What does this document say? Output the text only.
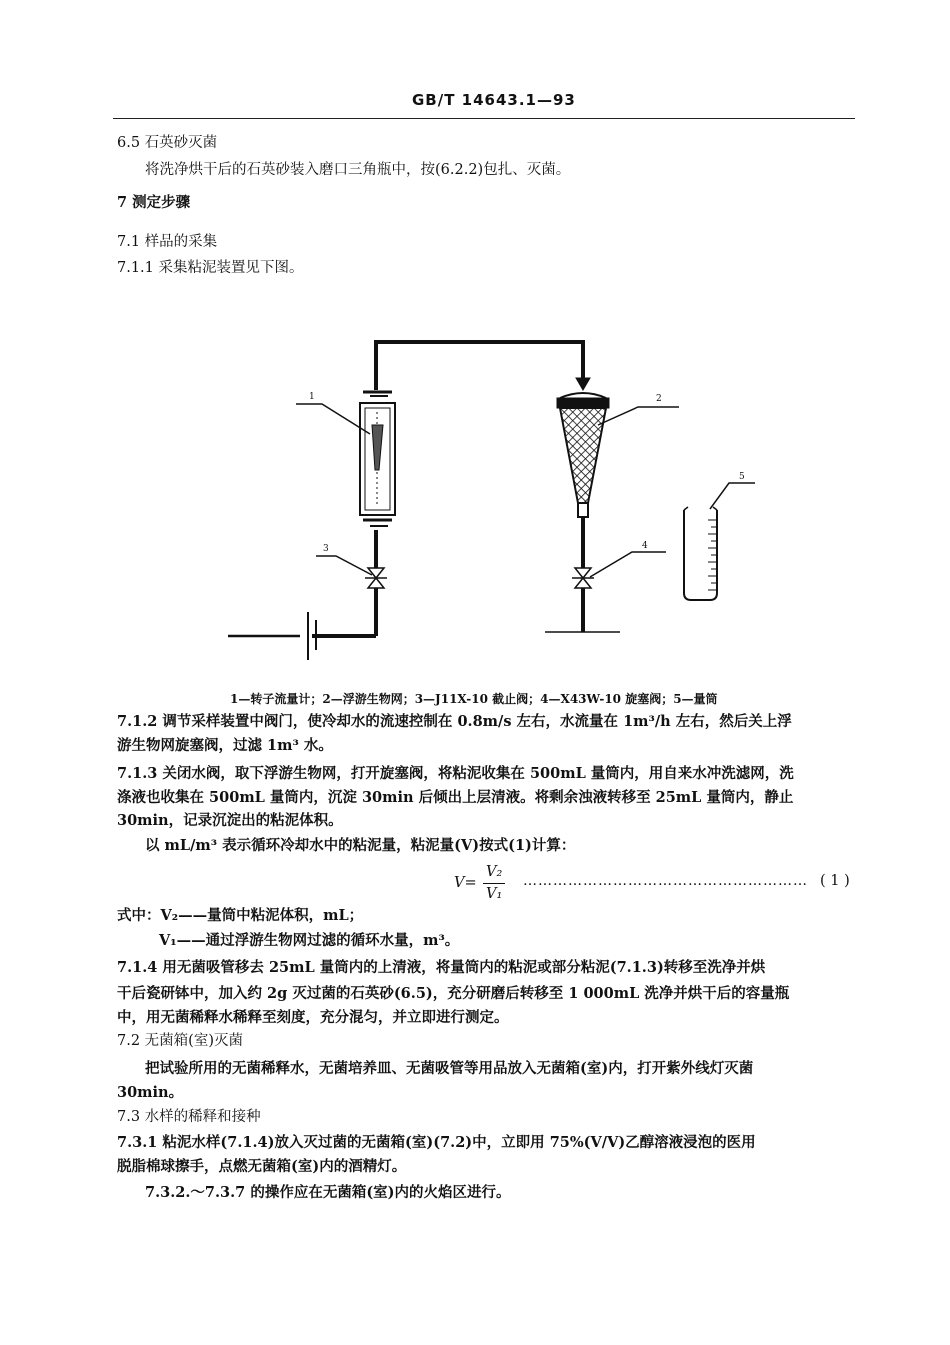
GB/T 14643.1—93
6.5 石英砂灭菌
将洗净烘干后的石英砂装入磨口三角瓶中，按(6.2.2)包扎、灭菌。
7 测定步骤
7.1 样品的采集
7.1.1 采集粘泥装置见下图。
1	2
3	4
5
1—转子流量计；2—浮游生物网；3—J11X-10 截止阀；4—X43W-10 旋塞阀；5—量筒
7.1.2 调节采样装置中阀门，使冷却水的流速控制在 0.8m/s 左右，水流量在 1m³/h 左右，然后关上浮
游生物网旋塞阀，过滤 1m³ 水。
7.1.3 关闭水阀，取下浮游生物网，打开旋塞阀，将粘泥收集在 500mL 量筒内，用自来水冲洗滤网，洗
涤液也收集在 500mL 量筒内，沉淀 30min 后倾出上层清液。将剩余浊液转移至 25mL 量筒内，静止
30min，记录沉淀出的粘泥体积。
以 mL/m³ 表示循环冷却水中的粘泥量，粘泥量(V)按式(1)计算：
V=
V₂
V₁
………………………………………………… ( 1 )
式中：V₂——量筒中粘泥体积，mL；
V₁——通过浮游生物网过滤的循环水量，m³。
7.1.4 用无菌吸管移去 25mL 量筒内的上清液，将量筒内的粘泥或部分粘泥(7.1.3)转移至洗净并烘
干后瓷研钵中，加入约 2g 灭过菌的石英砂(6.5)，充分研磨后转移至 1 000mL 洗净并烘干后的容量瓶
中，用无菌稀释水稀释至刻度，充分混匀，并立即进行测定。
7.2 无菌箱(室)灭菌
把试验所用的无菌稀释水，无菌培养皿、无菌吸管等用品放入无菌箱(室)内，打开紫外线灯灭菌
30min。
7.3 水样的稀释和接种
7.3.1 粘泥水样(7.1.4)放入灭过菌的无菌箱(室)(7.2)中，立即用 75%(V/V)乙醇溶液浸泡的医用
脱脂棉球擦手，点燃无菌箱(室)内的酒精灯。
7.3.2.～7.3.7 的操作应在无菌箱(室)内的火焰区进行。
